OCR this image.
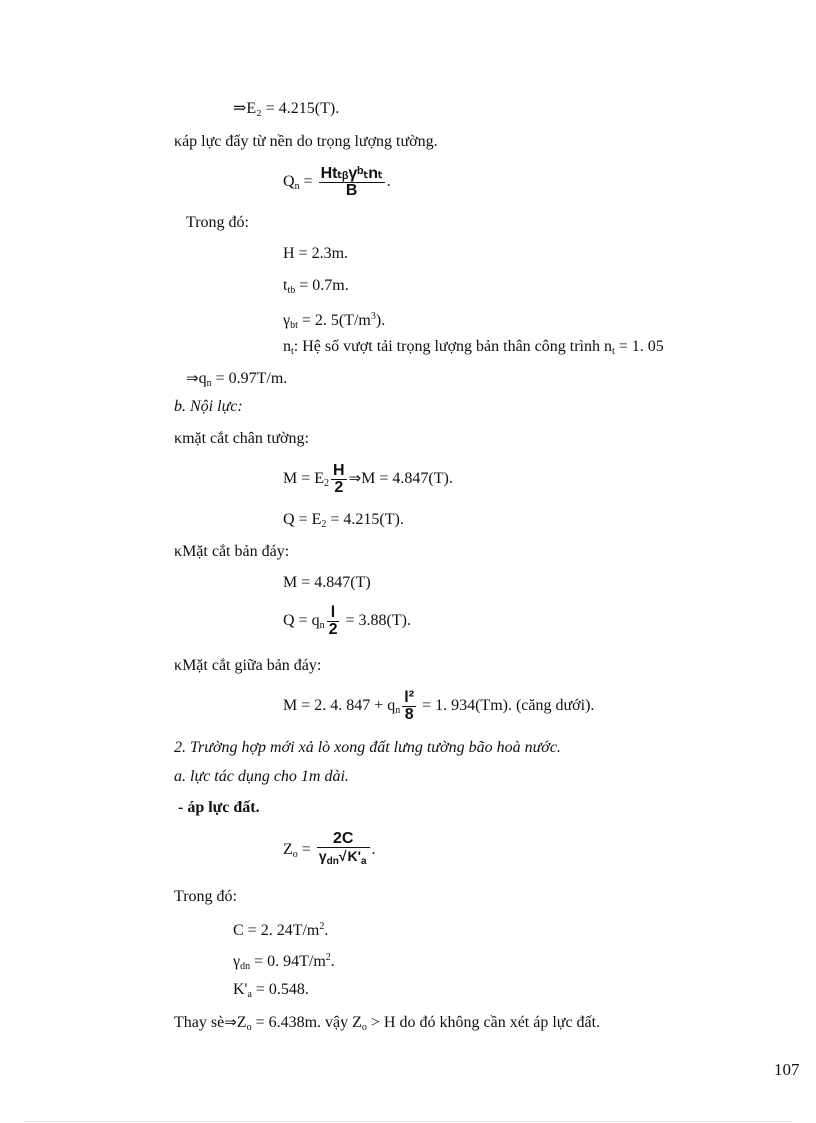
⇒E₂ = 4.215(T).
κáp lực đẩy từ nền do trọng lượng tường.
$Q_n = \frac{\text{Htₜᵦγᵇₜnₜ}}{B}$ .
Trong đó:
H = 2.3m.
$t_{tb} = 0.7m$.
$\gamma_{bt} = 2$. $5(T/m^3)$.
$n_t$: Hệ số vượt tải trọng lượng bản thân công trình $n_t = 1$. 05
$\Rightarrow q_n = 0.97T/m$.
b. Nội lực:
κmặt cắt chân tường:
$M = E_2 \frac{H}{2}$ ⇒M = 4.847(T).
$Q = E_2 = 4.215(T)$.
κMặt cắt bản đáy:
M = 4.847(T)
$Q = q_n \frac{l}{2} = 3.88(T)$.
κMặt cắt giữa bản đáy:
M = 2. 4. $847 + q_n \frac{\text{l²}}{8} = 1$. 934(Tm). (căng dưới).
2. Trường hợp mới xả lò xong đất lưng tường bão hoà nước.
a. lực tác dụng cho 1m dài.
- áp lực đất.
$Z_o = \frac{2C}{\gamma_{dn}√K'_a}$ .
Trong đó:
C = 2. $24T/m^2$.
$\gamma_{dn} = 0$. $94T/m^2$.
$K'_a = 0.548$.
Thay $sè\Rightarrow Z_o = 6.438m$. vậy $Z_o > H$ do đó không cần xét áp lực đất.
107
